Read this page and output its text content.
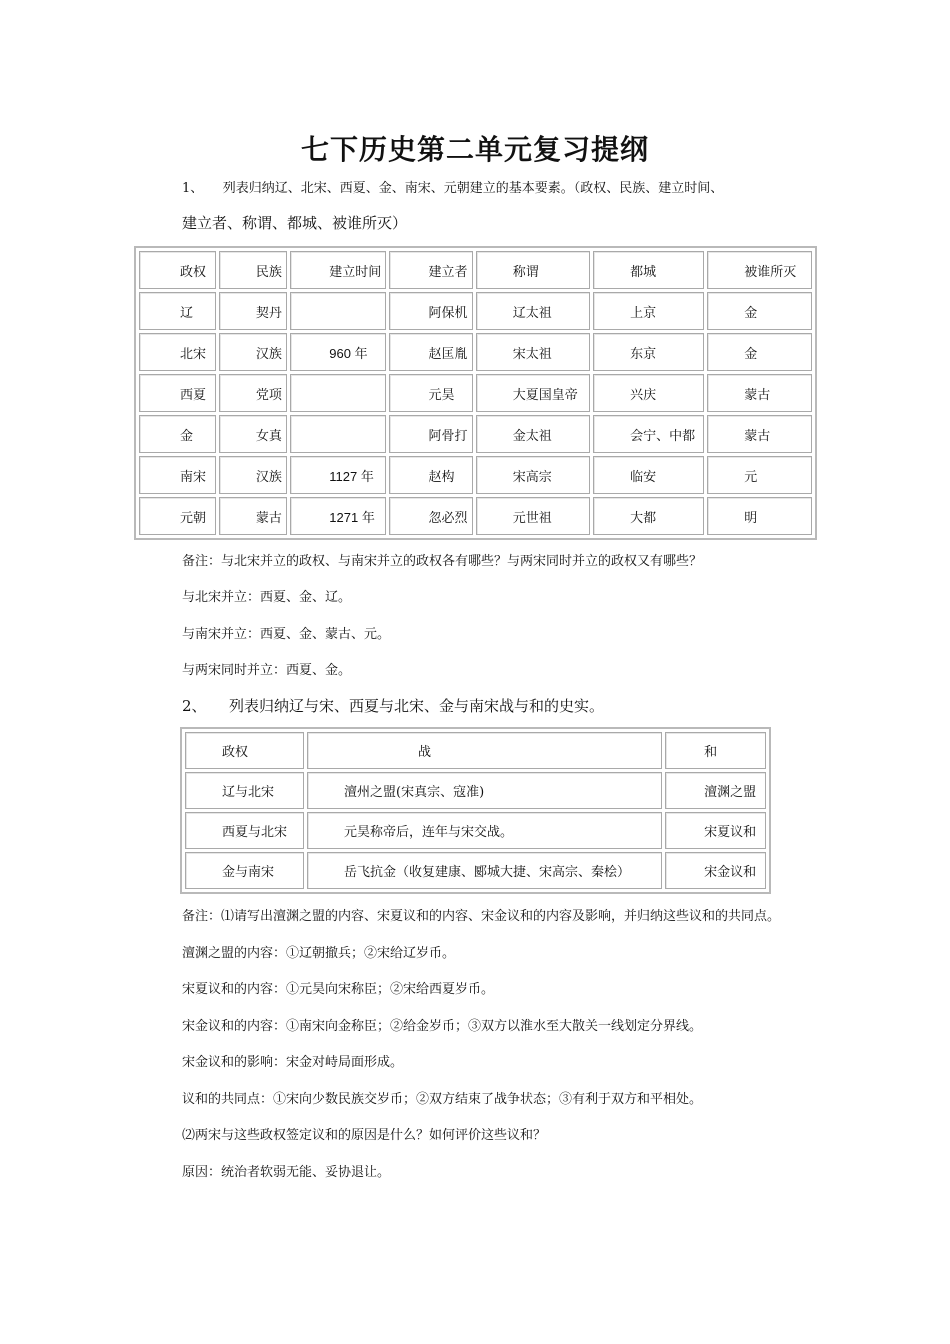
七下历史第二单元复习提纲
1、　　列表归纳辽、北宋、西夏、金、南宋、元朝建立的基本要素。（政权、民族、建立时间、
建立者、称谓、都城、被谁所灭）
政权	民族	建立时间	建立者	称谓	都城	被谁所灭
辽	契丹		阿保机	辽太祖	上京	金
北宋	汉族	960 年	赵匡胤	宋太祖	东京	金
西夏	党项		元昊	大夏国皇帝	兴庆	蒙古
金	女真		阿骨打	金太祖	会宁、中都	蒙古
南宋	汉族	1127 年	赵构	宋高宗	临安	元
元朝	蒙古	1271 年	忽必烈	元世祖	大都	明
备注：与北宋并立的政权、与南宋并立的政权各有哪些？与两宋同时并立的政权又有哪些？
与北宋并立：西夏、金、辽。
与南宋并立：西夏、金、蒙古、元。
与两宋同时并立：西夏、金。
2、　　列表归纳辽与宋、西夏与北宋、金与南宋战与和的史实。
政权	战	和
辽与北宋	澶州之盟(宋真宗、寇准)	澶渊之盟
西夏与北宋	元昊称帝后，连年与宋交战。	宋夏议和
金与南宋	岳飞抗金（收复建康、郾城大捷、宋高宗、秦桧）	宋金议和
备注：⑴请写出澶渊之盟的内容、宋夏议和的内容、宋金议和的内容及影响，并归纳这些议和的共同点。
澶渊之盟的内容：①辽朝撤兵；②宋给辽岁币。
宋夏议和的内容：①元昊向宋称臣；②宋给西夏岁币。
宋金议和的内容：①南宋向金称臣；②给金岁币；③双方以淮水至大散关一线划定分界线。
宋金议和的影响：宋金对峙局面形成。
议和的共同点：①宋向少数民族交岁币；②双方结束了战争状态；③有利于双方和平相处。
⑵两宋与这些政权签定议和的原因是什么？如何评价这些议和？
原因：统治者软弱无能、妥协退让。
